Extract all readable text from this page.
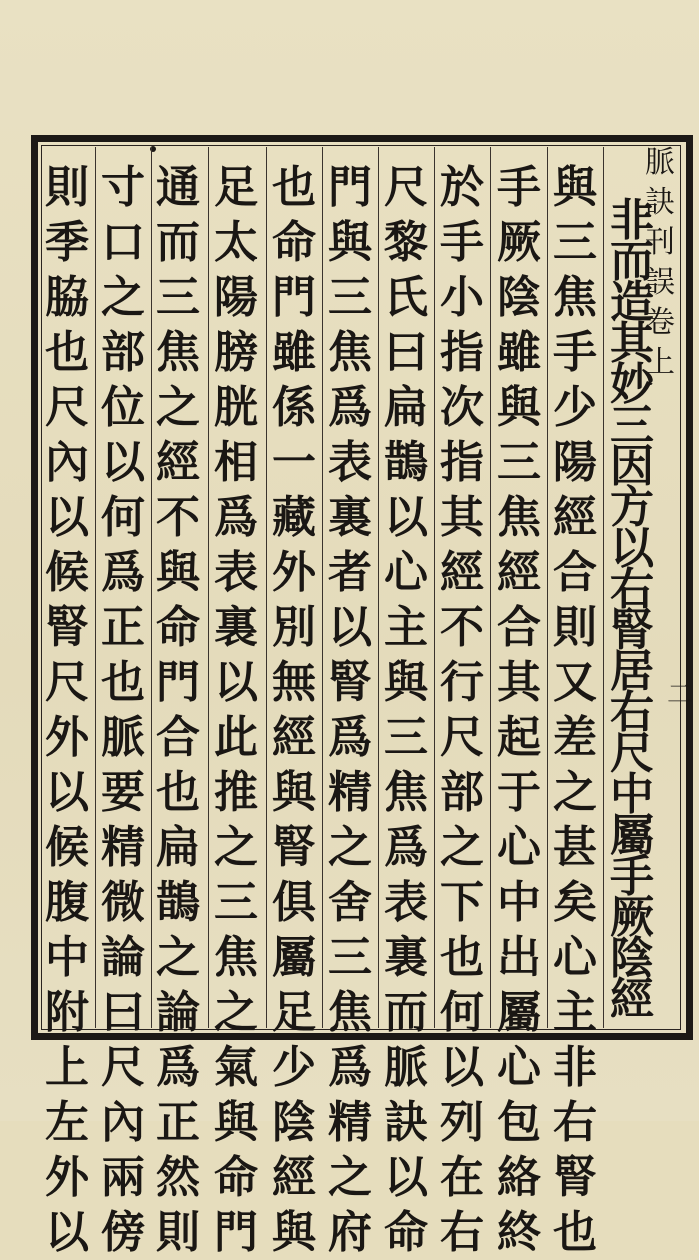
脈
訣
刊
誤
卷
上
二
非
而
造
其
妙
三
因
方
以
右
腎
居
右
尺
中
屬
手
厥
陰
經
與
三
焦
手
少
陽
經
合
則
又
差
之
甚
矣
心
主
非
右
腎
也
手
厥
陰
雖
與
三
焦
經
合
其
起
于
心
中
出
屬
心
包
絡
終
於
手
小
指
次
指
其
經
不
行
尺
部
之
下
也
何
以
列
在
右
尺
黎
氏
曰
扁
鵲
以
心
主
與
三
焦
爲
表
裏
而
脈
訣
以
命
門
與
三
焦
爲
表
裏
者
以
腎
爲
精
之
舍
三
焦
爲
精
之
府
也
命
門
雖
係
一
藏
外
別
無
經
與
腎
俱
屬
足
少
陰
經
與
足
太
陽
膀
胱
相
爲
表
裏
以
此
推
之
三
焦
之
氣
與
命
門
通
而
三
焦
之
經
不
與
命
門
合
也
扁
鵲
之
論
爲
正
然
則
寸
口
之
部
位
以
何
爲
正
也
脈
要
精
微
論
曰
尺
內
兩
傍
則
季
脇
也
尺
內
以
候
腎
尺
外
以
候
腹
中
附
上
左
外
以
